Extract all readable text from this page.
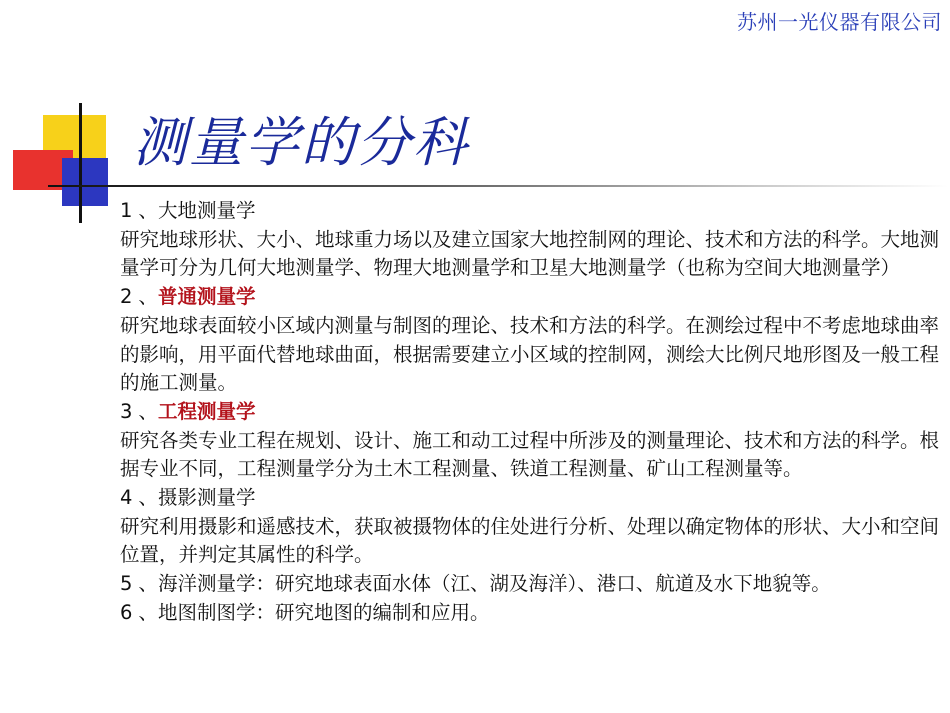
苏州一光仪器有限公司
测量学的分科

1 、 大地测量学

研究地球形状、大小、地球重力场以及建立国家大地控制网的理论、技术和方法的科学。大地测量学可分为几何大地测量学、物理大地测量学和卫星大地测量学（也称为空间大地测量学）

2 、 普通测量学

研究地球表面较小区域内测量与制图的理论、技术和方法的科学。在测绘过程中不考虑地球曲率的影响，用平面代替地球曲面，根据需要建立小区域的控制网，测绘大比例尺地形图及一般工程的施工测量。

3 、 工程测量学

研究各类专业工程在规划、设计、施工和动工过程中所涉及的测量理论、技术和方法的科学。根据专业不同，工程测量学分为土木工程测量、铁道工程测量、矿山工程测量等。

4 、 摄影测量学

研究利用摄影和遥感技术，获取被摄物体的住处进行分析、处理以确定物体的形状、大小和空间位置，并判定其属性的科学。

5 、海洋测量学：研究地球表面水体（江、湖及海洋）、港口、航道及水下地貌等。

6 、地图制图学：研究地图的编制和应用。
